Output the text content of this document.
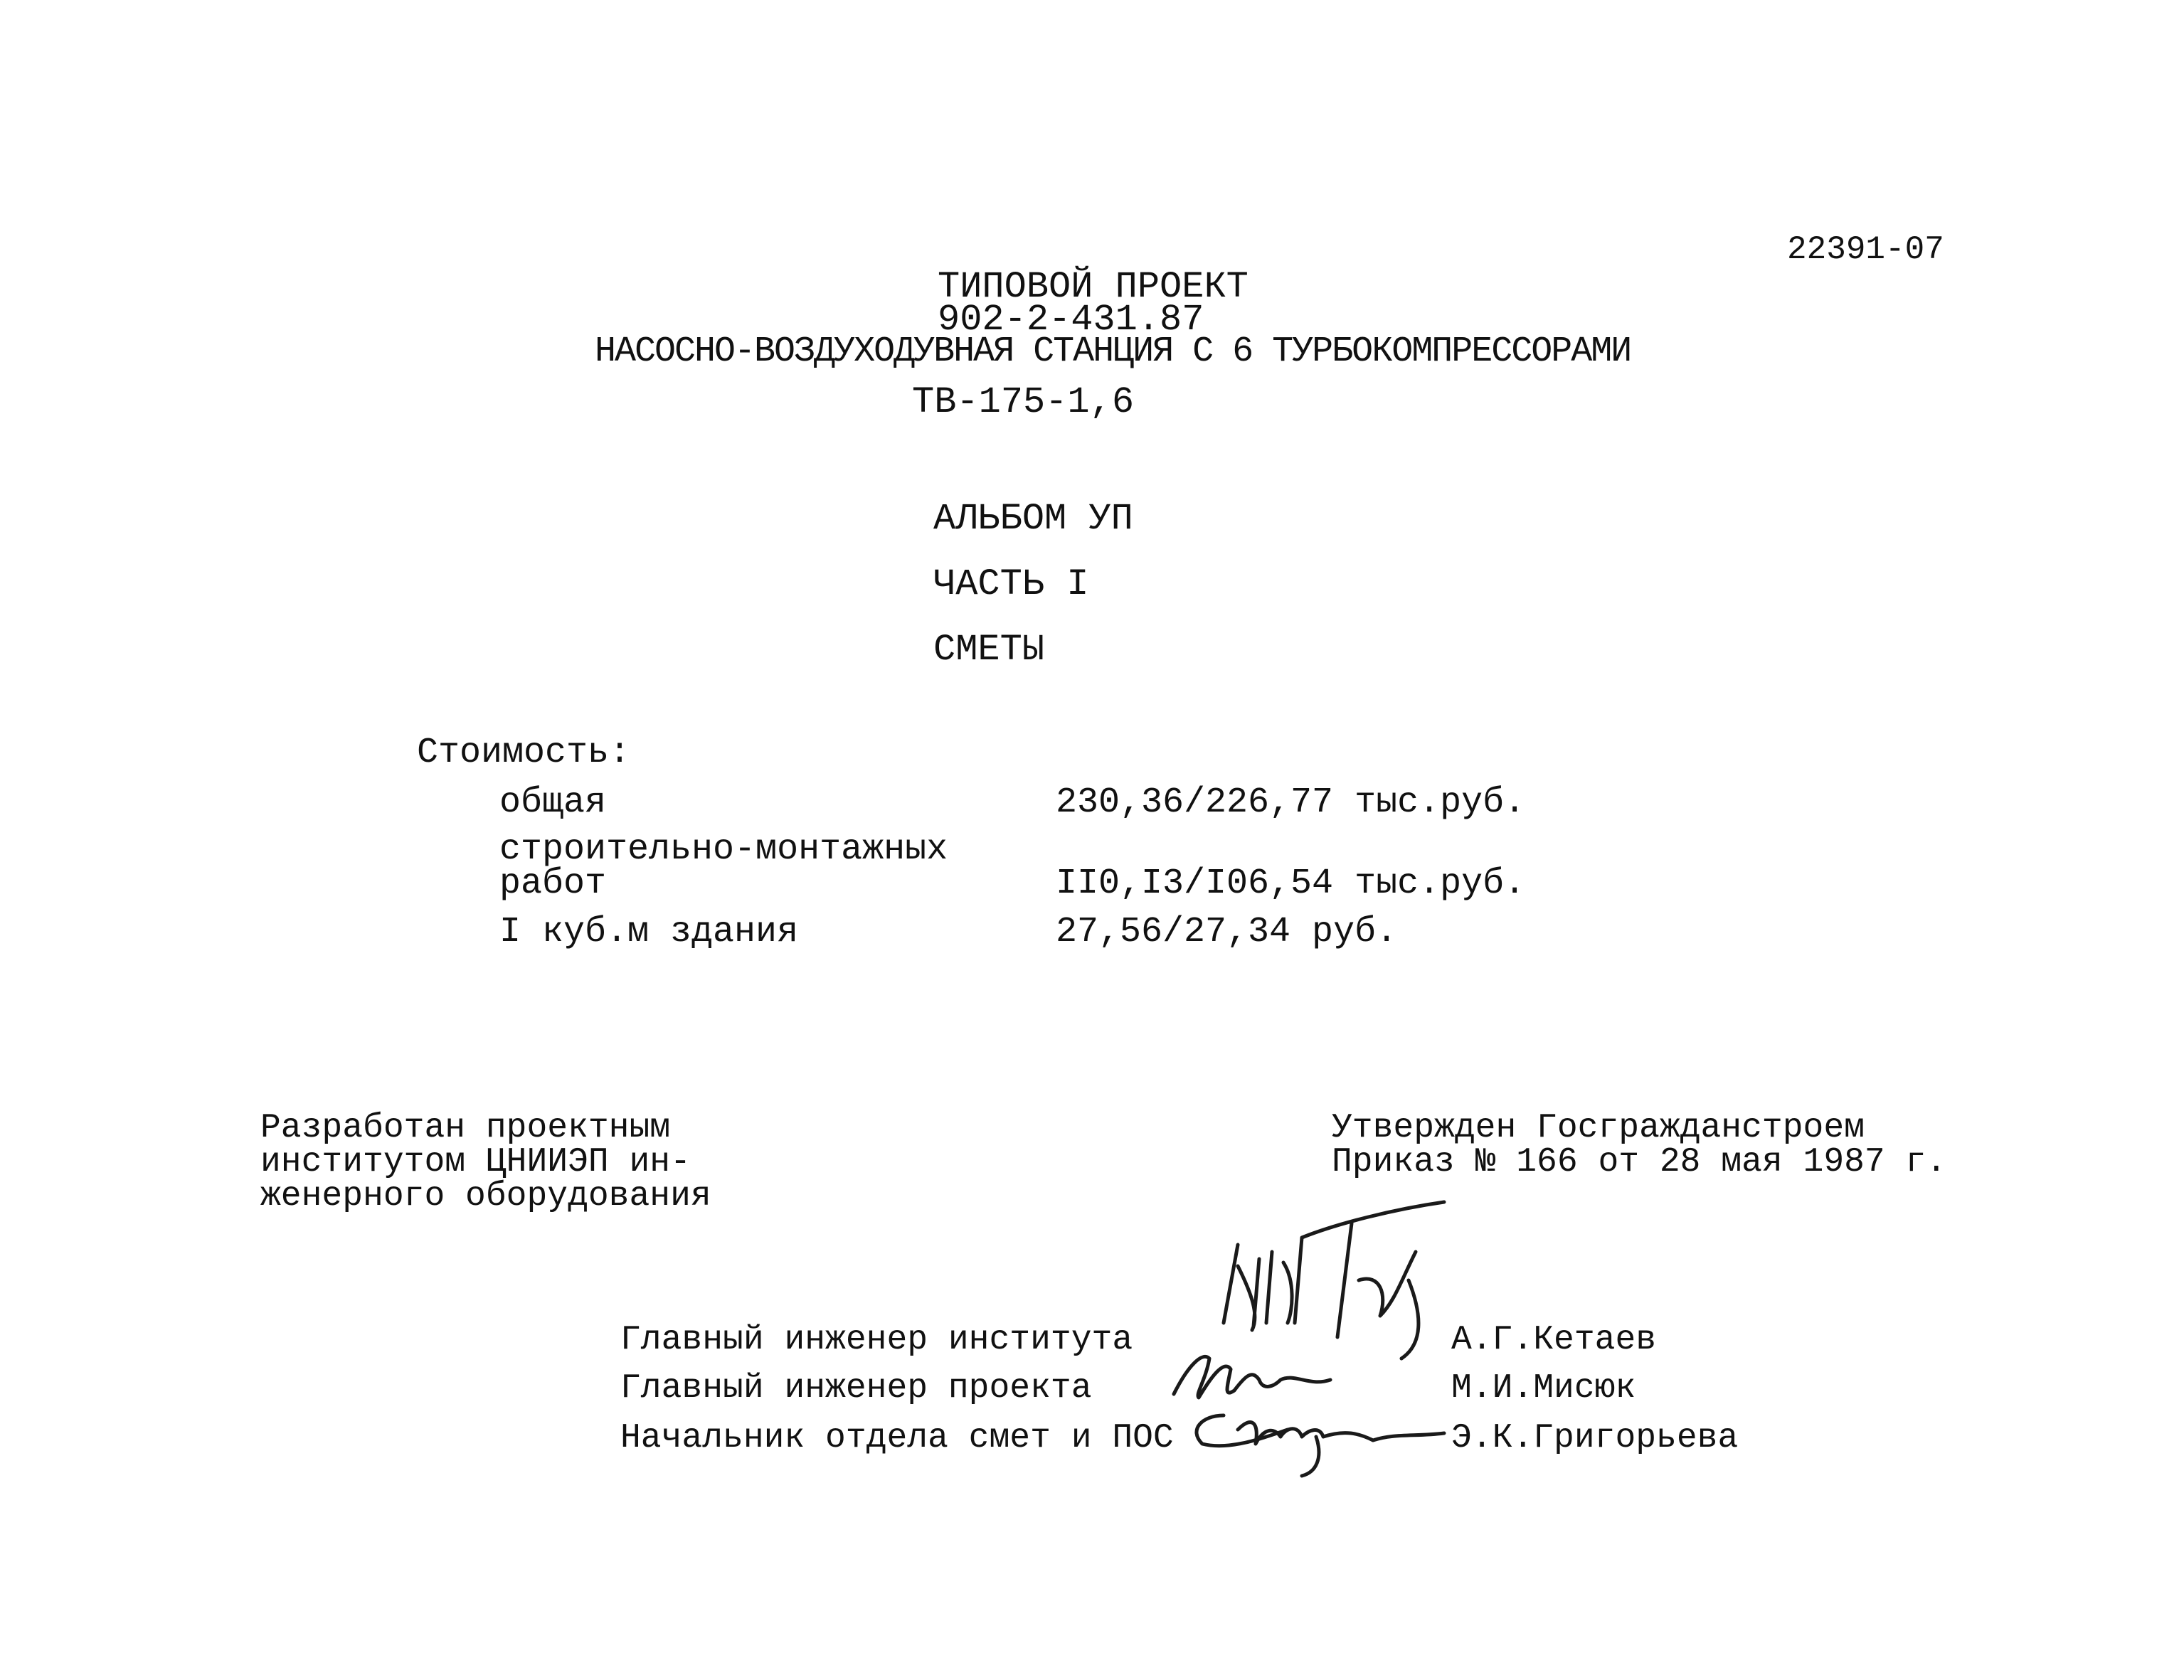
22391-07
ТИПОВОЙ ПРОЕКТ
902-2-431.87
НАСОСНО-ВОЗДУХОДУВНАЯ СТАНЦИЯ С 6 ТУРБОКОМПРЕССОРАМИ
ТВ-175-1,6
АЛЬБОМ УП
ЧАСТЬ I
СМЕТЫ
Стоимость:
общая	230,36/226,77 тыс.руб.
строительно-монтажных
работ	II0,I3/I06,54 тыс.руб.
I куб.м здания	27,56/27,34 руб.
Разработан проектным
институтом ЦНИИЭП ин-
женерного оборудования
Утвержден Госгражданстроем
Приказ № 166 от 28 мая 1987 г.
Главный инженер института	А.Г.Кетаев
Главный инженер проекта	М.И.Мисюк
Начальник отдела смет и ПОС	Э.К.Григорьева
